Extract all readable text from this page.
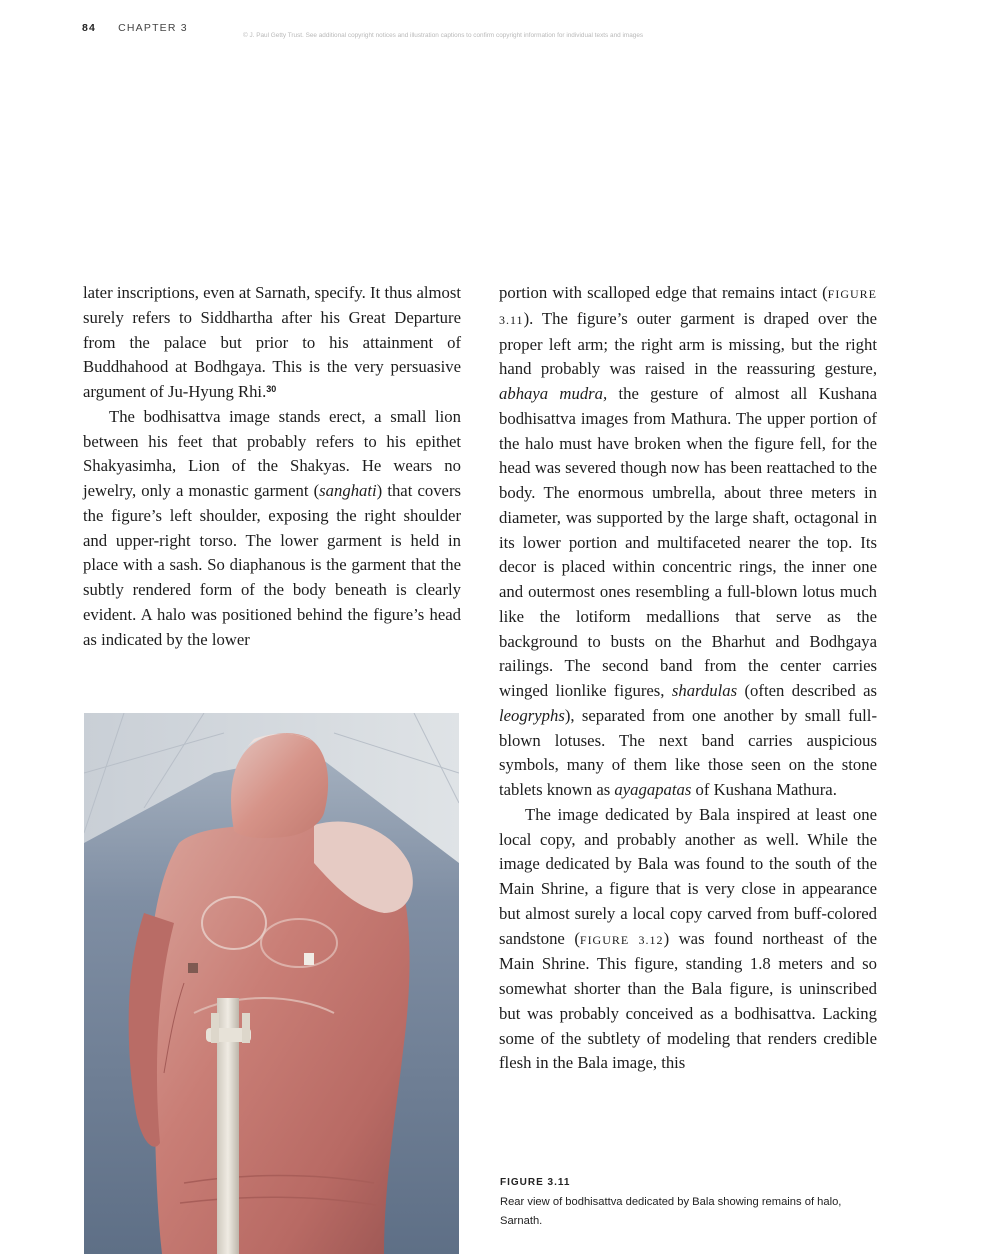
84 CHAPTER 3
© J. Paul Getty Trust. See additional copyright notices and illustration captions to confirm copyright information for individual texts and images

later inscriptions, even at Sarnath, specify. It thus almost surely refers to Siddhartha after his Great Departure from the palace but prior to his attainment of Buddhahood at Bodhgaya. This is the very persuasive argument of Ju-Hyung Rhi.$^{30}$

The bodhisattva image stands erect, a small lion between his feet that probably refers to his epithet Shakyasimha, Lion of the Shakyas. He wears no jewelry, only a monastic garment (sanghati) that covers the figure’s left shoulder, exposing the right shoulder and upper-right torso. The lower garment is held in place with a sash. So diaphanous is the garment that the subtly rendered form of the body beneath is clearly evident. A halo was positioned behind the figure’s head as indicated by the lower

portion with scalloped edge that remains intact (FIGURE 3.11). The figure’s outer garment is draped over the proper left arm; the right arm is missing, but the right hand probably was raised in the reassuring gesture, abhaya mudra, the gesture of almost all Kushana bodhisattva images from Mathura. The upper portion of the halo must have broken when the figure fell, for the head was severed though now has been reattached to the body. The enormous umbrella, about three meters in diameter, was supported by the large shaft, octagonal in its lower portion and multifaceted nearer the top. Its decor is placed within concentric rings, the inner one and outermost ones resembling a full-blown lotus much like the lotiform medallions that serve as the background to busts on the Bharhut and Bodhgaya railings. The second band from the center carries winged lionlike figures, shardulas (often described as leogryphs), separated from one another by small full-blown lotuses. The next band carries auspicious symbols, many of them like those seen on the stone tablets known as ayagapatas of Kushana Mathura.

The image dedicated by Bala inspired at least one local copy, and probably another as well. While the image dedicated by Bala was found to the south of the Main Shrine, a figure that is very close in appearance but almost surely a local copy carved from buff-colored sandstone (FIGURE 3.12) was found northeast of the Main Shrine. This figure, standing 1.8 meters and so somewhat shorter than the Bala figure, is uninscribed but was probably conceived as a bodhisattva. Lacking some of the subtlety of modeling that renders credible flesh in the Bala image, this

FIGURE 3.11
Rear view of bodhisattva dedicated by Bala showing remains of halo, Sarnath.
